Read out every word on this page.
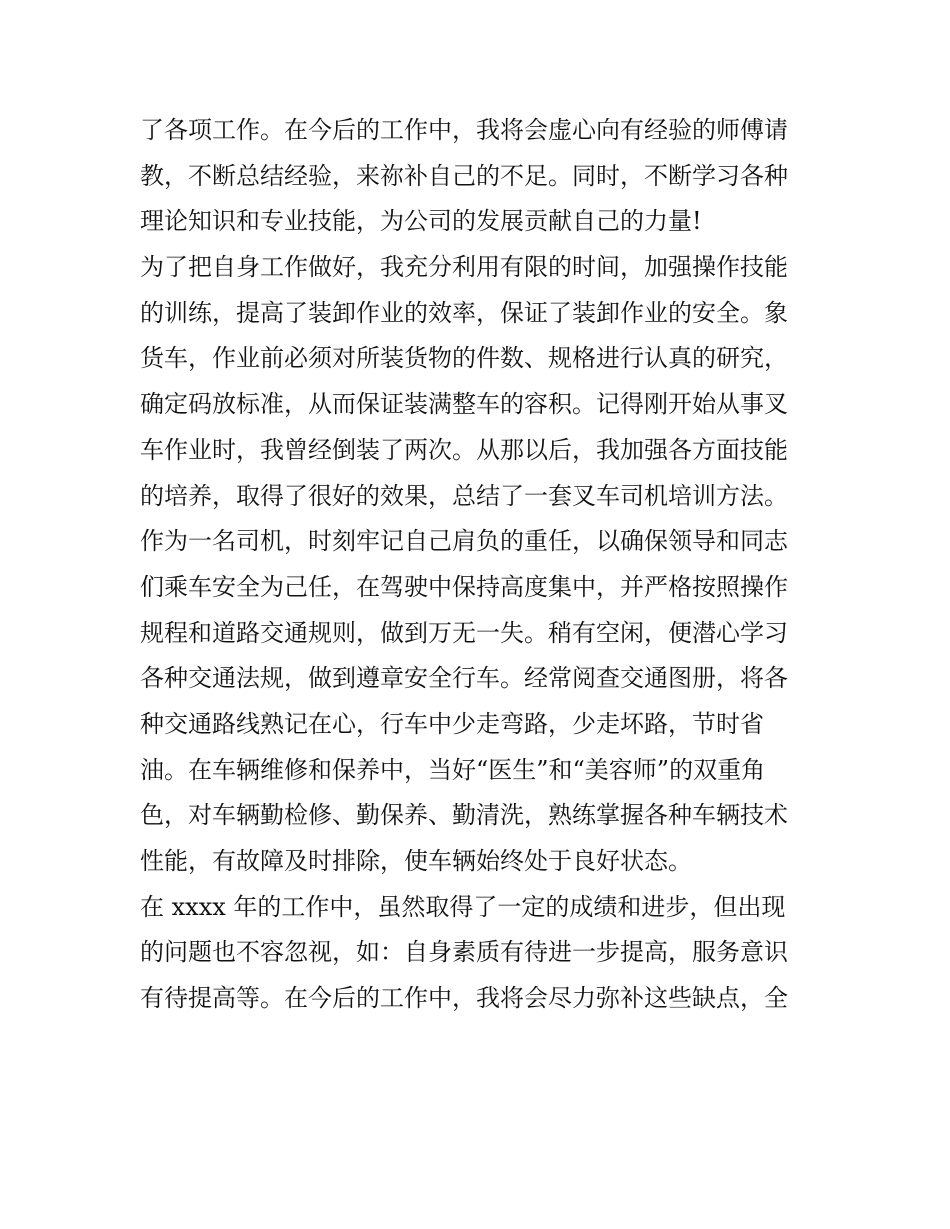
了各项工作。在今后的工作中，我将会虚心向有经验的师傅请
教，不断总结经验，来祢补自己的不足。同时，不断学习各种
理论知识和专业技能，为公司的发展贡献自己的力量!
为了把自身工作做好，我充分利用有限的时间，加强操作技能
的训练，提高了装卸作业的效率，保证了装卸作业的安全。象
货车，作业前必须对所装货物的件数、规格进行认真的研究，
确定码放标准，从而保证装满整车的容积。记得刚开始从事叉
车作业时，我曾经倒装了两次。从那以后，我加强各方面技能
的培养，取得了很好的效果，总结了一套叉车司机培训方法。
作为一名司机，时刻牢记自己肩负的重任，以确保领导和同志
们乘车安全为己任，在驾驶中保持高度集中，并严格按照操作
规程和道路交通规则，做到万无一失。稍有空闲，便潜心学习
各种交通法规，做到遵章安全行车。经常阅查交通图册，将各
种交通路线熟记在心，行车中少走弯路，少走坏路，节时省
油。在车辆维修和保养中，当好“医生”和“美容师”的双重角
色，对车辆勤检修、勤保养、勤清洗，熟练掌握各种车辆技术
性能，有故障及时排除，使车辆始终处于良好状态。
在 xxxx 年的工作中，虽然取得了一定的成绩和进步，但出现
的问题也不容忽视，如：自身素质有待进一步提高，服务意识
有待提高等。在今后的工作中，我将会尽力弥补这些缺点，全
